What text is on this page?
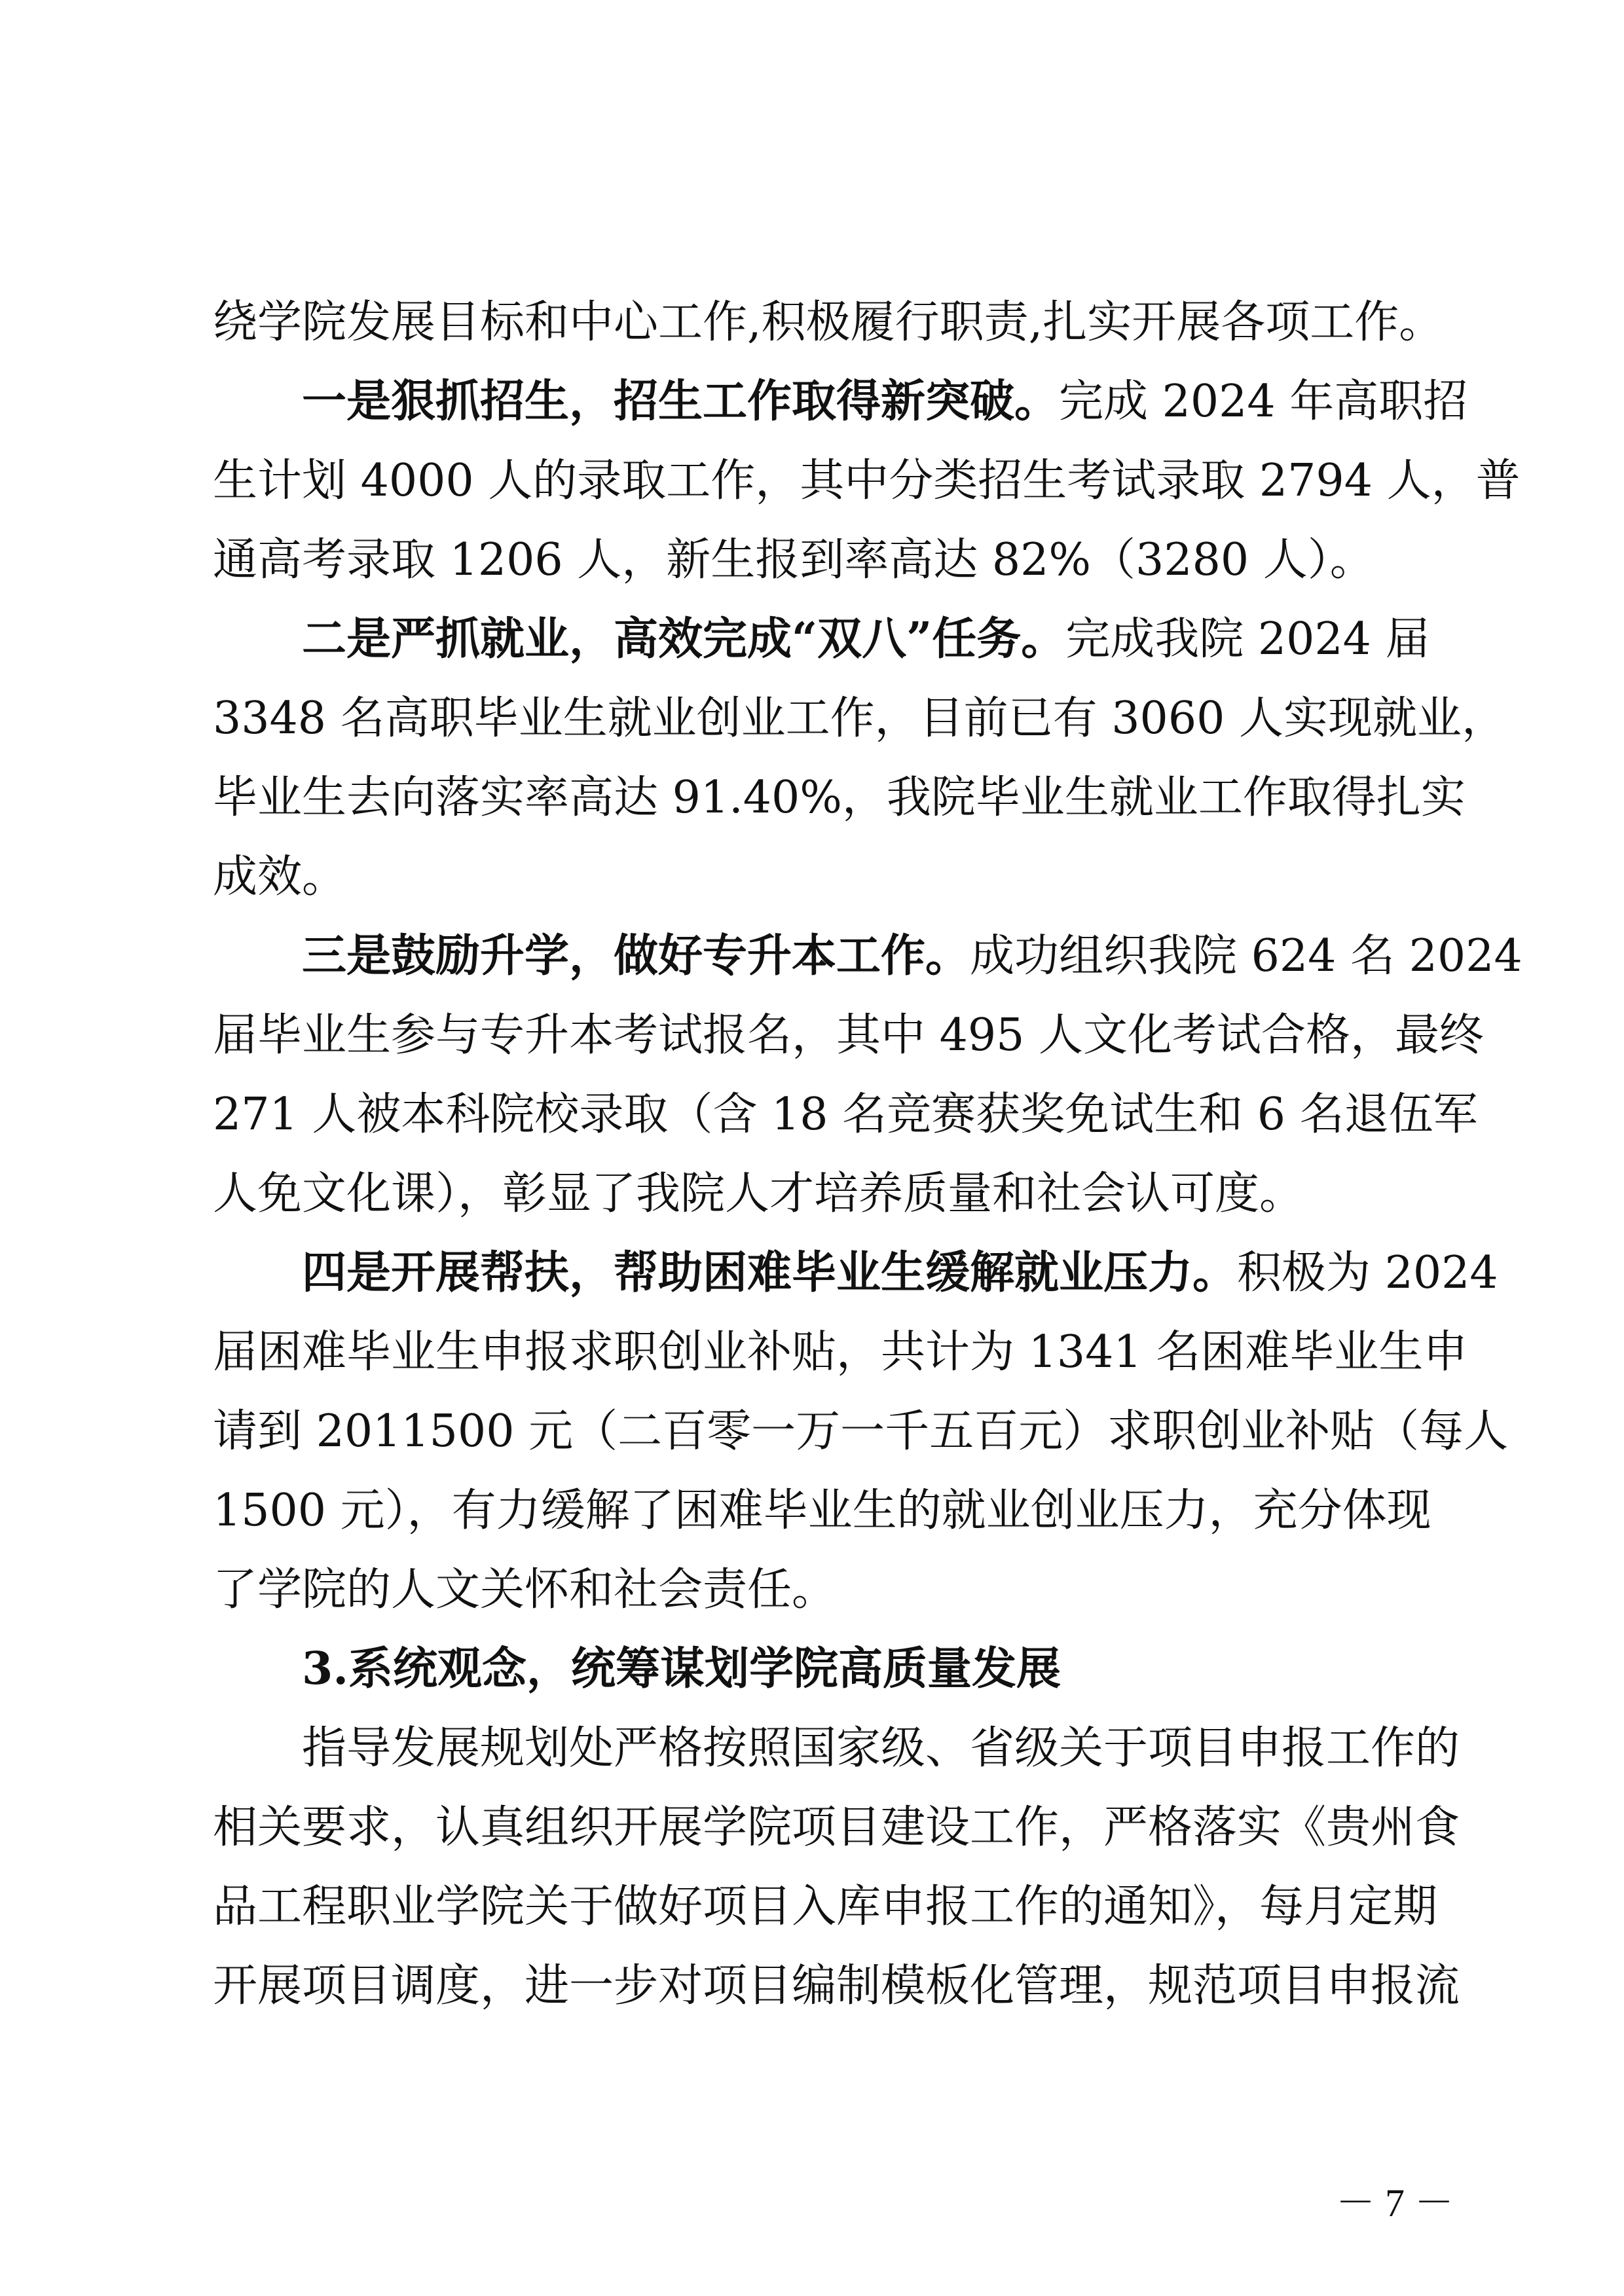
绕学院发展目标和中心工作,积极履行职责,扎实开展各项工作。
一是狠抓招生，招生工作取得新突破。完成 2024 年高职招
生计划 4000 人的录取工作，其中分类招生考试录取 2794 人，普
通高考录取 1206 人，新生报到率高达 82%（3280 人）。
二是严抓就业，高效完成“双八”任务。完成我院 2024 届
3348 名高职毕业生就业创业工作，目前已有 3060 人实现就业，
毕业生去向落实率高达 91.40%，我院毕业生就业工作取得扎实
成效。
三是鼓励升学，做好专升本工作。成功组织我院 624 名 2024
届毕业生参与专升本考试报名，其中 495 人文化考试合格，最终
271 人被本科院校录取（含 18 名竞赛获奖免试生和 6 名退伍军
人免文化课），彰显了我院人才培养质量和社会认可度。
四是开展帮扶，帮助困难毕业生缓解就业压力。积极为 2024
届困难毕业生申报求职创业补贴，共计为 1341 名困难毕业生申
请到 2011500 元（二百零一万一千五百元）求职创业补贴（每人
1500 元），有力缓解了困难毕业生的就业创业压力，充分体现
了学院的人文关怀和社会责任。
3.系统观念，统筹谋划学院高质量发展
指导发展规划处严格按照国家级、省级关于项目申报工作的
相关要求，认真组织开展学院项目建设工作，严格落实《贵州食
品工程职业学院关于做好项目入库申报工作的通知》，每月定期
开展项目调度，进一步对项目编制模板化管理，规范项目申报流
－ 7 －
